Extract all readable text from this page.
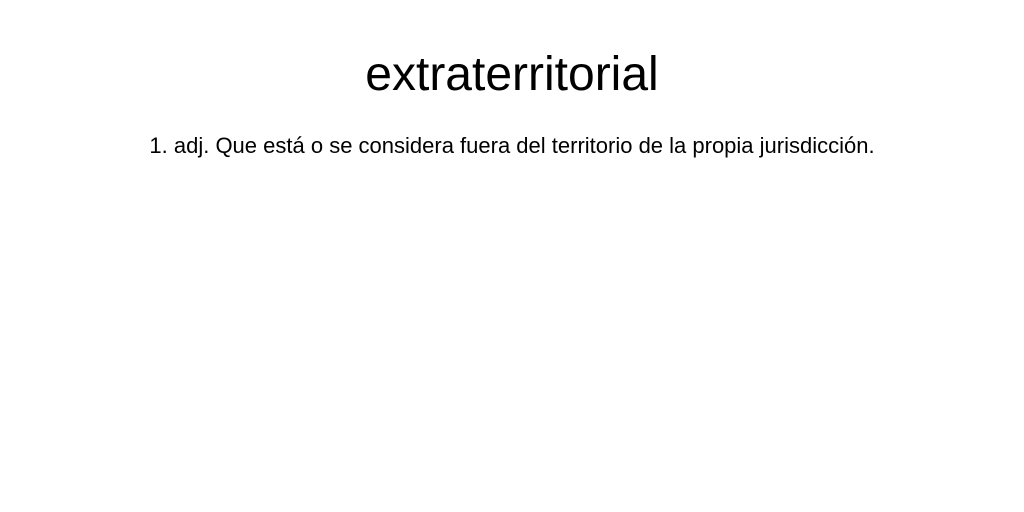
extraterritorial

1. adj. Que está o se considera fuera del territorio de la propia jurisdicción.
